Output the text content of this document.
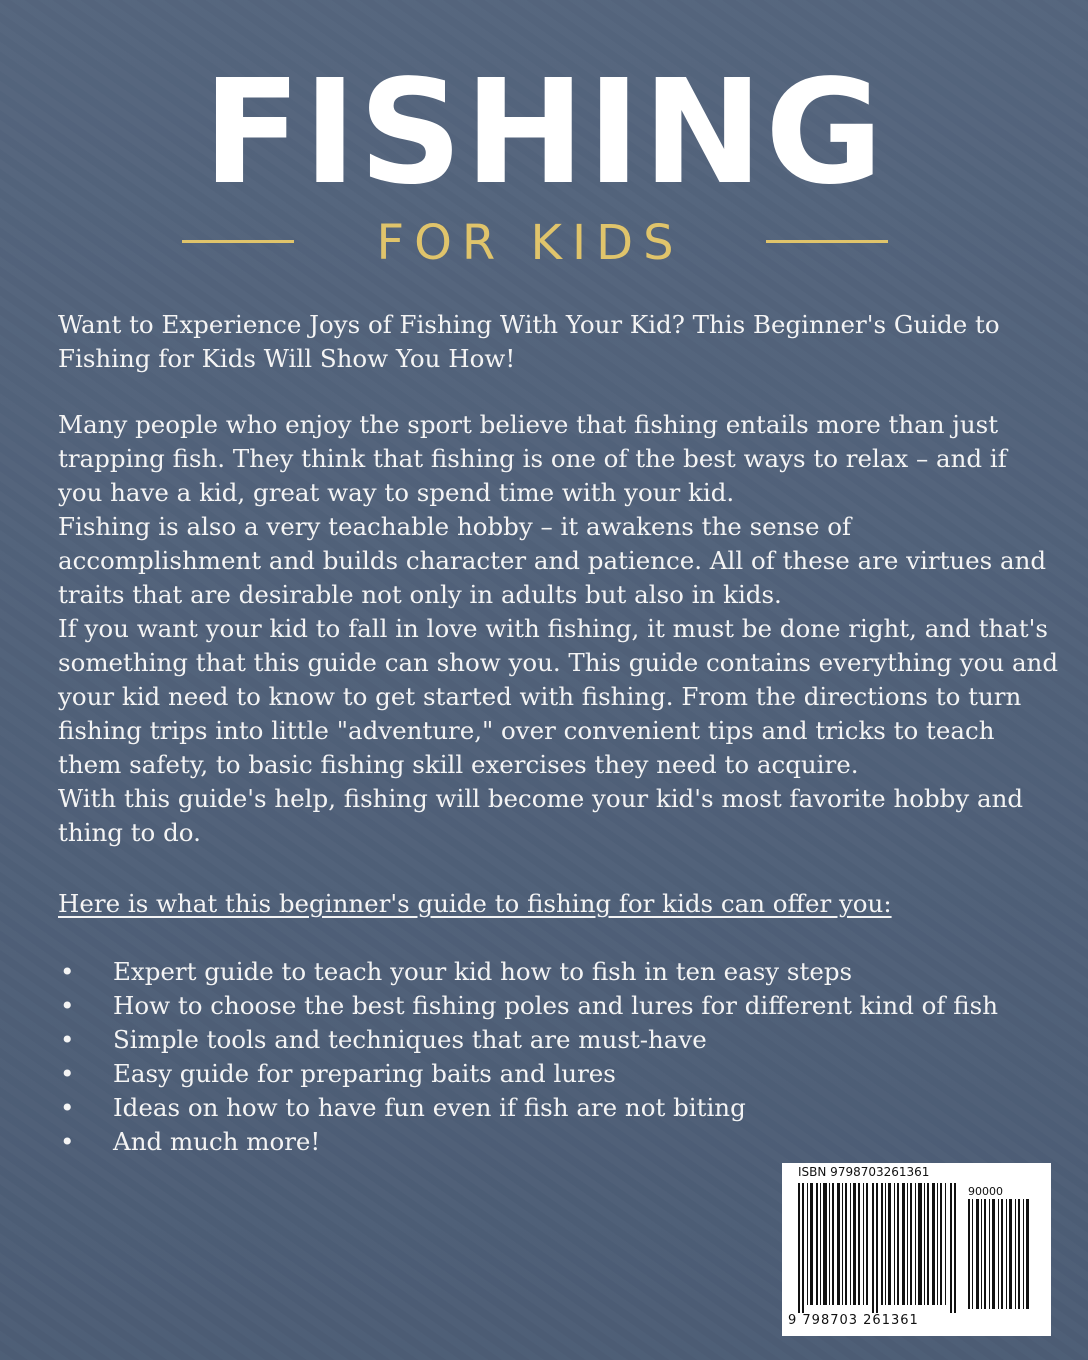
FISHING
FOR KIDS
Want to Experience Joys of Fishing With Your Kid? This Beginner's Guide to Fishing for Kids Will Show You How!
Many people who enjoy the sport believe that fishing entails more than just trapping fish. They think that fishing is one of the best ways to relax – and if you have a kid, great way to spend time with your kid.
Fishing is also a very teachable hobby – it awakens the sense of accomplishment and builds character and patience. All of these are virtues and traits that are desirable not only in adults but also in kids.
If you want your kid to fall in love with fishing, it must be done right, and that's something that this guide can show you. This guide contains everything you and your kid need to know to get started with fishing. From the directions to turn fishing trips into little "adventure," over convenient tips and tricks to teach them safety, to basic fishing skill exercises they need to acquire.
With this guide's help, fishing will become your kid's most favorite hobby and thing to do.
Here is what this beginner's guide to fishing for kids can offer you:
• Expert guide to teach your kid how to fish in ten easy steps
• How to choose the best fishing poles and lures for different kind of fish
• Simple tools and techniques that are must-have
• Easy guide for preparing baits and lures
• Ideas on how to have fun even if fish are not biting
• And much more!
ISBN 9798703261361
90000
9 798703 261361
